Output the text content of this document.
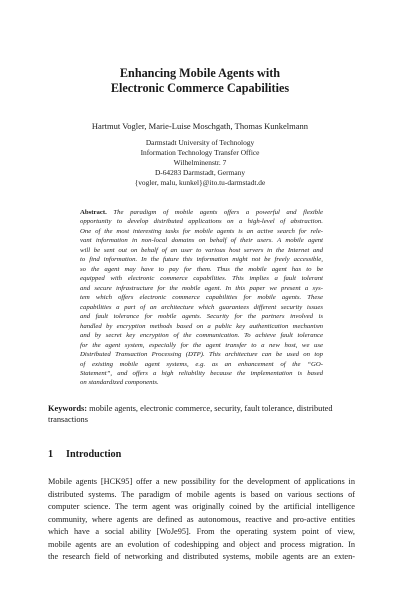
Enhancing Mobile Agents with
Electronic Commerce Capabilities
Hartmut Vogler, Marie-Luise Moschgath, Thomas Kunkelmann
Darmstadt University of Technology
Information Technology Transfer Office
Wilhelminenstr. 7
D-64283 Darmstadt, Germany
{vogler, malu, kunkel}@ito.tu-darmstadt.de
Abstract. The paradigm of mobile agents offers a powerful and flexible
opportunity to develop distributed applications on a high-level of abstraction.
One of the most interesting tasks for mobile agents is an active search for rele-
vant information in non-local domains on behalf of their users. A mobile agent
will be sent out on behalf of an user to various host servers in the Internet and
to find information. In the future this information might not be freely accessible,
so the agent may have to pay for them. Thus the mobile agent has to be
equipped with electronic commerce capabilities. This implies a fault tolerant
and secure infrastructure for the mobile agent. In this paper we present a sys-
tem which offers electronic commerce capabilities for mobile agents. These
capabilities a part of an architecture which guarantees different security issues
and fault tolerance for mobile agents. Security for the partners involved is
handled by encryption methods based on a public key authentication mechanism
and by secret key encryption of the communication. To achieve fault tolerance
for the agent system, especially for the agent transfer to a new host, we use
Distributed Transaction Processing (DTP). This architecture can be used on top
of existing mobile agent systems, e.g. as an enhancement of the “GO-
Statement”, and offers a high reliability because the implementation is based
on standardized components.
Keywords: mobile agents, electronic commerce, security, fault tolerance, distributed
transactions
1 Introduction
Mobile agents [HCK95] offer a new possibility for the development of applications in
distributed systems. The paradigm of mobile agents is based on various sections of
computer science. The term agent was originally coined by the artificial intelligence
community, where agents are defined as autonomous, reactive and pro-active entities
which have a social ability [WoJe95]. From the operating system point of view,
mobile agents are an evolution of codeshipping and object and process migration. In
the research field of networking and distributed systems, mobile agents are an exten-
